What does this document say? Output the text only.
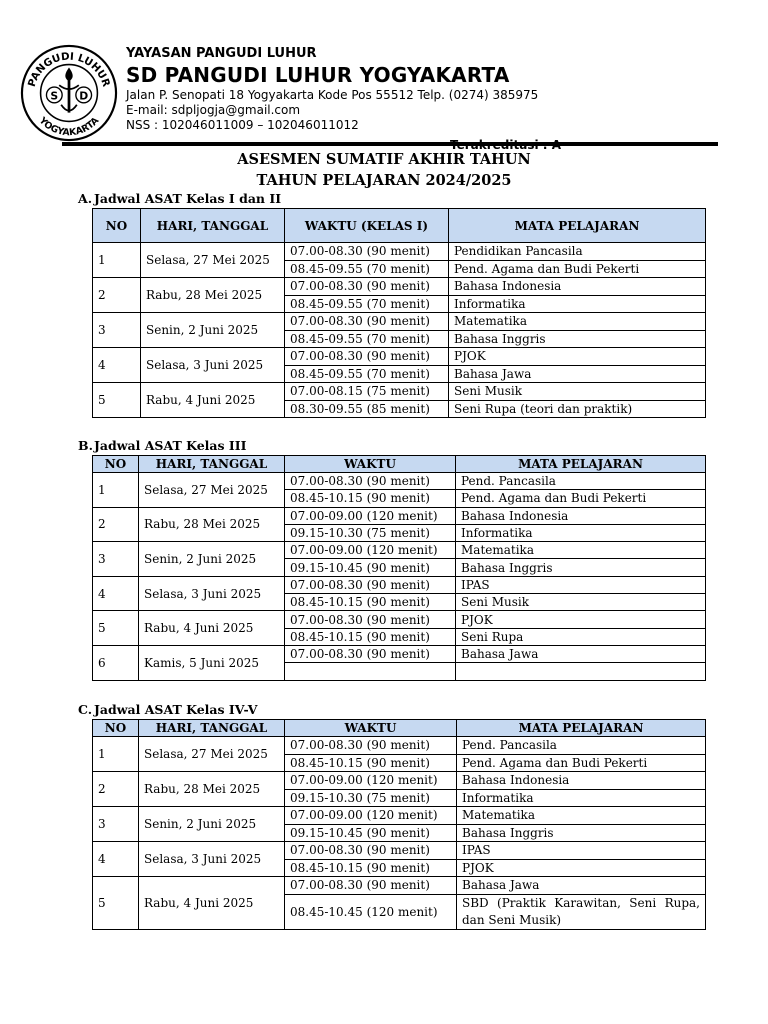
PANGUDI LUHUR
YOGYAKARTA
S D
YAYASAN PANGUDI LUHUR
SD PANGUDI LUHUR YOGYAKARTA
Jalan P. Senopati 18 Yogyakarta Kode Pos 55512 Telp. (0274) 385975
E-mail: sdpljogja@gmail.com
NSS : 102046011009 – 102046011012
ASESMEN SUMATIF AKHIR TAHUN
TAHUN PELAJARAN 2024/2025
A. Jadwal ASAT Kelas I dan II
NO	HARI, TANGGAL	WAKTU (KELAS I)	MATA PELAJARAN
1	Selasa, 27 Mei 2025	07.00-08.30 (90 menit)	Pendidikan Pancasila
		08.45-09.55 (70 menit)	Pend. Agama dan Budi Pekerti
2	Rabu, 28 Mei 2025	07.00-08.30 (90 menit)	Bahasa Indonesia
		08.45-09.55 (70 menit)	Informatika
3	Senin, 2 Juni 2025	07.00-08.30 (90 menit)	Matematika
		08.45-09.55 (70 menit)	Bahasa Inggris
4	Selasa, 3 Juni 2025	07.00-08.30 (90 menit)	PJOK
		08.45-09.55 (70 menit)	Bahasa Jawa
5	Rabu, 4 Juni 2025	07.00-08.15 (75 menit)	Seni Musik
		08.30-09.55 (85 menit)	Seni Rupa (teori dan praktik)
B.Jadwal ASAT Kelas III
NO	HARI, TANGGAL	WAKTU	MATA PELAJARAN
1	Selasa, 27 Mei 2025	07.00-08.30 (90 menit)	Pend. Pancasila
		08.45-10.15 (90 menit)	Pend. Agama dan Budi Pekerti
2	Rabu, 28 Mei 2025	07.00-09.00 (120 menit)	Bahasa Indonesia
		09.15-10.30 (75 menit)	Informatika
3	Senin, 2 Juni 2025	07.00-09.00 (120 menit)	Matematika
		09.15-10.45 (90 menit)	Bahasa Inggris
4	Selasa, 3 Juni 2025	07.00-08.30 (90 menit)	IPAS
		08.45-10.15 (90 menit)	Seni Musik
5	Rabu, 4 Juni 2025	07.00-08.30 (90 menit)	PJOK
		08.45-10.15 (90 menit)	Seni Rupa
6	Kamis, 5 Juni 2025	07.00-08.30 (90 menit)	Bahasa Jawa

C. Jadwal ASAT Kelas IV-V
NO	HARI, TANGGAL	WAKTU	MATA PELAJARAN
1	Selasa, 27 Mei 2025	07.00-08.30 (90 menit)	Pend. Pancasila
		08.45-10.15 (90 menit)	Pend. Agama dan Budi Pekerti
2	Rabu, 28 Mei 2025	07.00-09.00 (120 menit)	Bahasa Indonesia
		09.15-10.30 (75 menit)	Informatika
3	Senin, 2 Juni 2025	07.00-09.00 (120 menit)	Matematika
		09.15-10.45 (90 menit)	Bahasa Inggris
4	Selasa, 3 Juni 2025	07.00-08.30 (90 menit)	IPAS
		08.45-10.15 (90 menit)	PJOK
5	Rabu, 4 Juni 2025	07.00-08.30 (90 menit)	Bahasa Jawa
		08.45-10.45 (120 menit)	SBD (Praktik Karawitan, Seni Rupa, dan Seni Musik)
